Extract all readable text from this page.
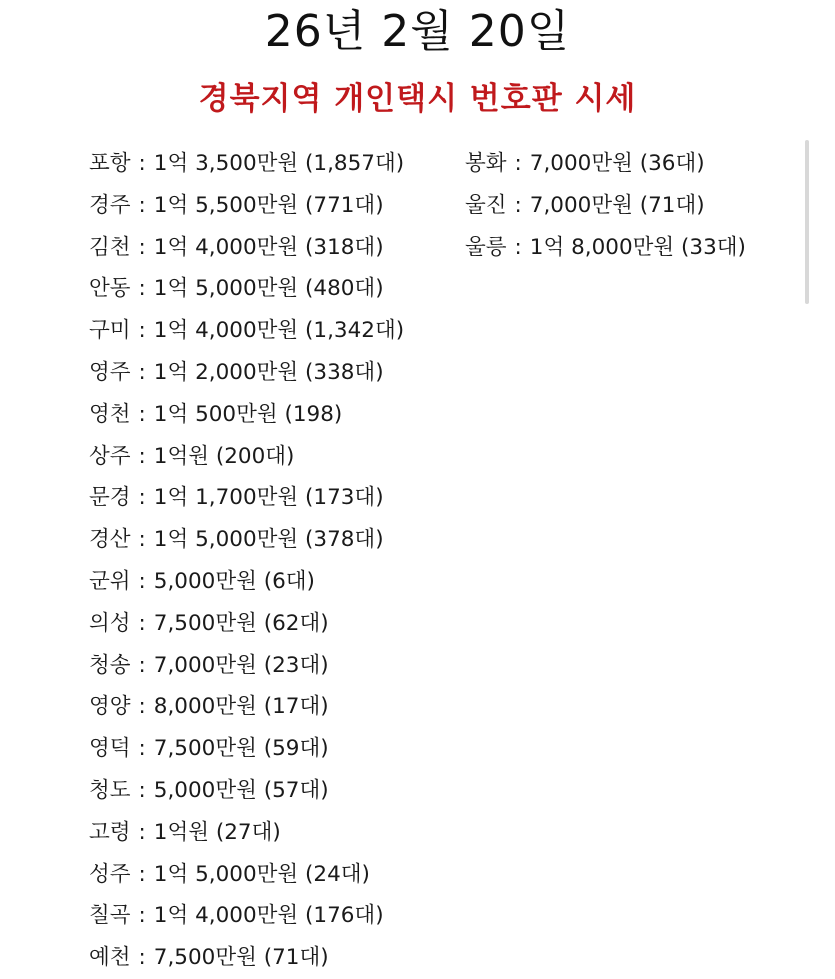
26년 2월 20일
경북지역 개인택시 번호판 시세
포항 : 1억 3,500만원 (1,857대)
경주 : 1억 5,500만원 (771대)
김천 : 1억 4,000만원 (318대)
안동 : 1억 5,000만원 (480대)
구미 : 1억 4,000만원 (1,342대)
영주 : 1억 2,000만원 (338대)
영천 : 1억 500만원 (198)
상주 : 1억원 (200대)
문경 : 1억 1,700만원 (173대)
경산 : 1억 5,000만원 (378대)
군위 : 5,000만원 (6대)
의성 : 7,500만원 (62대)
청송 : 7,000만원 (23대)
영양 : 8,000만원 (17대)
영덕 : 7,500만원 (59대)
청도 : 5,000만원 (57대)
고령 : 1억원 (27대)
성주 : 1억 5,000만원 (24대)
칠곡 : 1억 4,000만원 (176대)
예천 : 7,500만원 (71대)
봉화 : 7,000만원 (36대)
울진 : 7,000만원 (71대)
울릉 : 1억 8,000만원 (33대)
